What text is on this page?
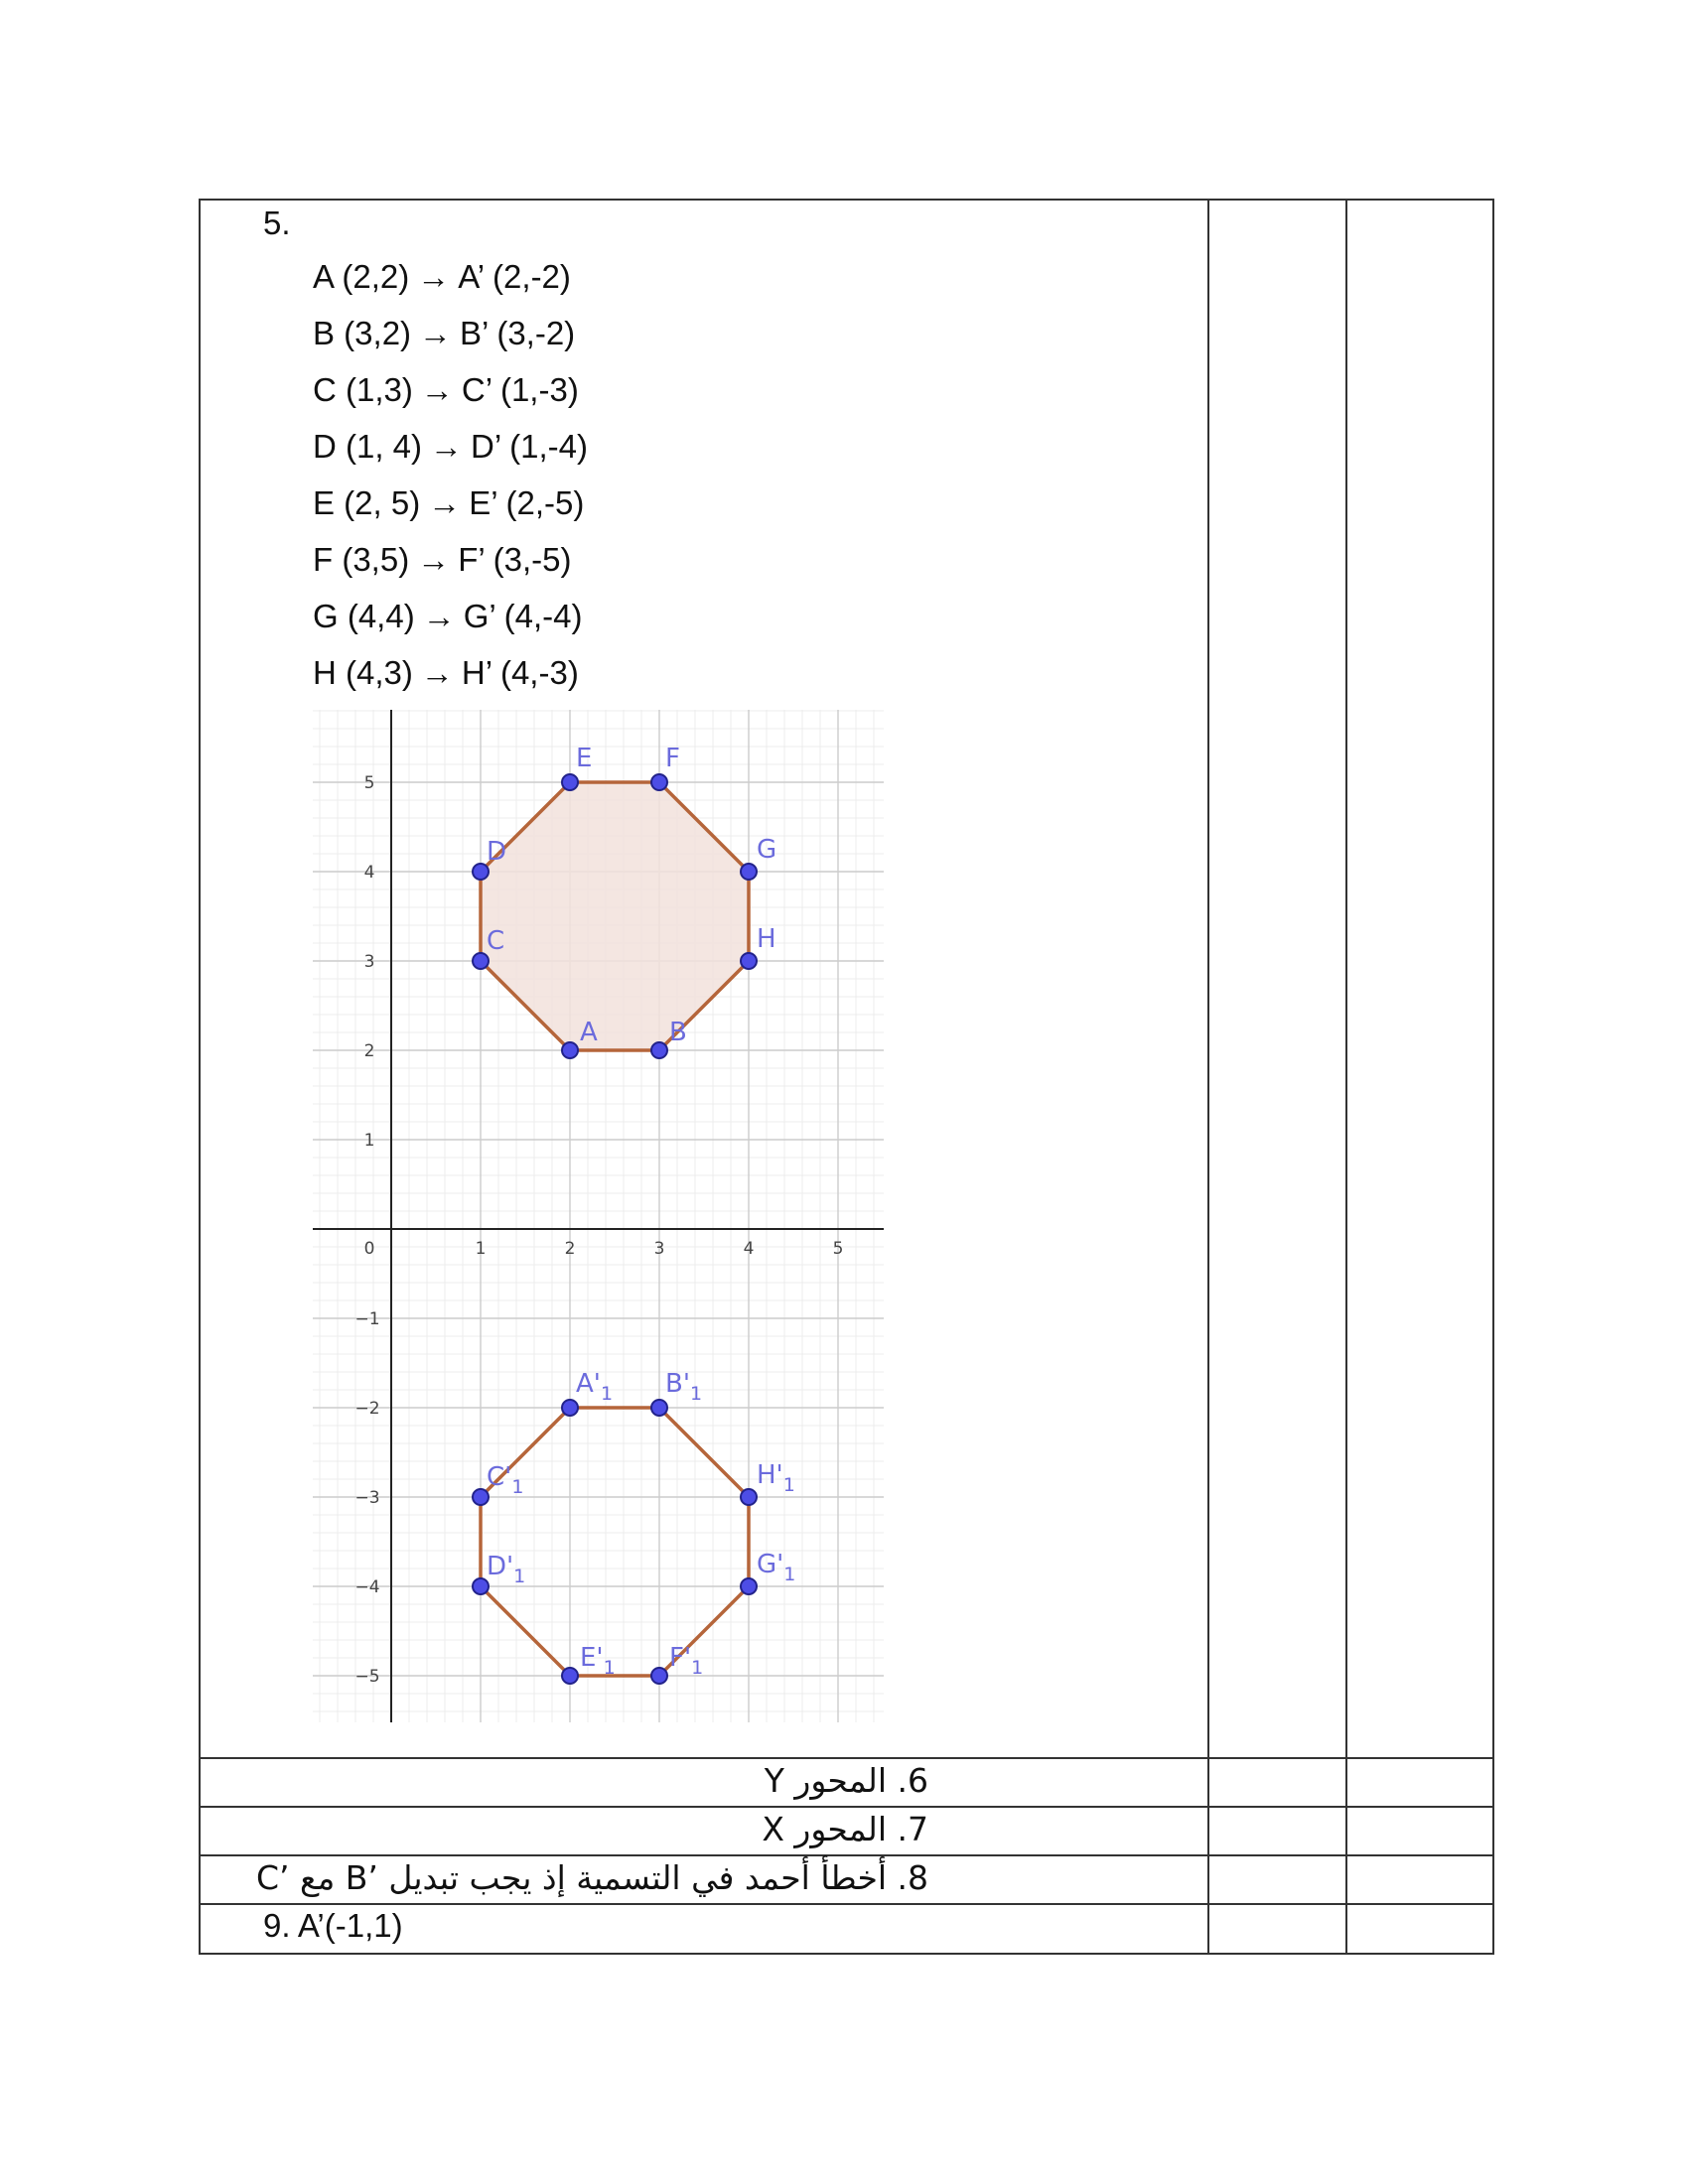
5.
A (2,2) → A’ (2,-2)
B (3,2) → B’ (3,-2)
C (1,3) → C’ (1,-3)
D (1, 4) → D’ (1,-4)
E (2, 5) → E’ (2,-5)
F (3,5) → F’ (3,-5)
G (4,4) → G’ (4,-4)
H (4,3) → H’ (4,-3)
0	1	2	3	4	5
5
4
3
2
1
−1
−2
−3
−4
−5
A	B
H
G
F
E
D
C
$A'_1$ $B'_1$
$H'_1$
$G'_1$
$F'_1$
$E'_1$
$D'_1$
$C'_1$
6. المحور Y
7. المحور X
8. أخطأ أحمد في التسمية إذ يجب تبديل ’B مع ’C
9. A’(-1,1)
